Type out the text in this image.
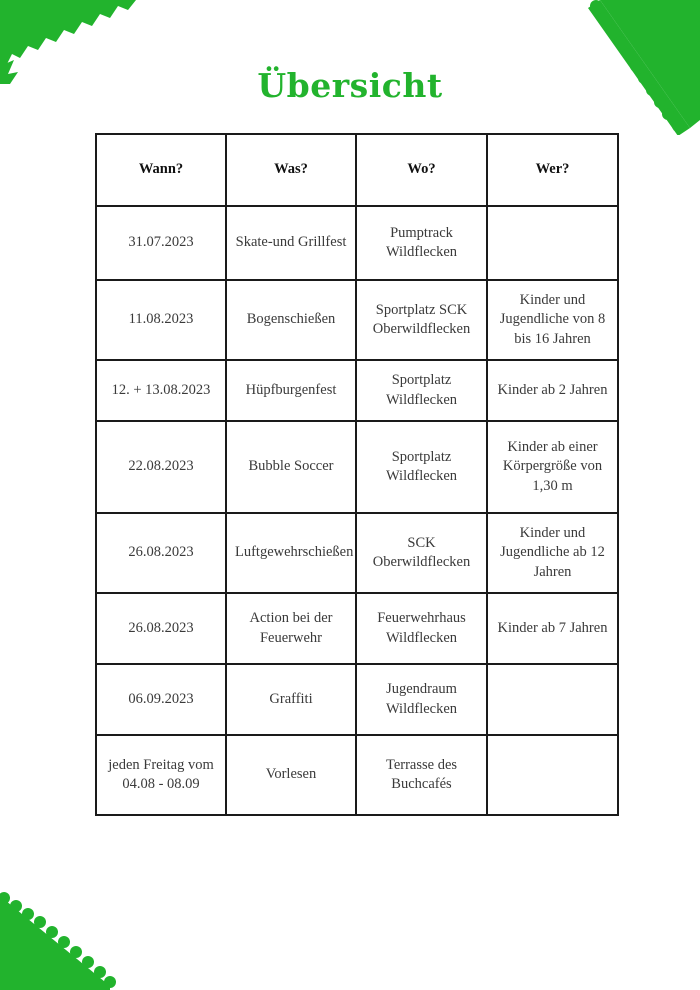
Übersicht
Wann?	Was?	Wo?	Wer?
31.07.2023	Skate-und Grillfest	Pumptrack Wildflecken	
11.08.2023	Bogenschießen	Sportplatz SCK Oberwildflecken	Kinder und Jugendliche von 8 bis 16 Jahren
12. + 13.08.2023	Hüpfburgenfest	Sportplatz Wildflecken	Kinder ab 2 Jahren
22.08.2023	Bubble Soccer	Sportplatz Wildflecken	Kinder ab einer Körpergröße von 1,30 m
26.08.2023	Luftgewehrschießen	SCK Oberwildflecken	Kinder und Jugendliche ab 12 Jahren
26.08.2023	Action bei der Feuerwehr	Feuerwehrhaus Wildflecken	Kinder ab 7 Jahren
06.09.2023	Graffiti	Jugendraum Wildflecken	
jeden Freitag vom 04.08 - 08.09	Vorlesen	Terrasse des Buchcafés	
